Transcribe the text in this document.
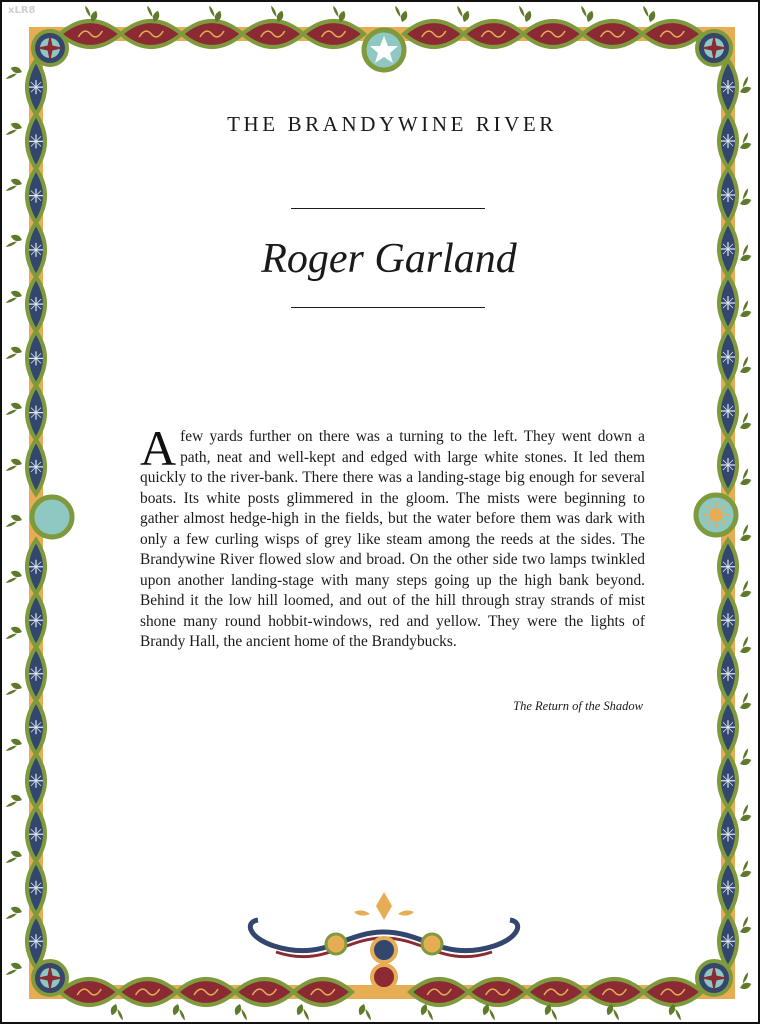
xLR8
THE BRANDYWINE RIVER
Roger Garland
A few yards further on there was a turning to the left. They went down a path, neat and well-kept and edged with large white stones. It led them quickly to the river-bank. There there was a landing-stage big enough for several boats. Its white posts glimmered in the gloom. The mists were beginning to gather almost hedge-high in the fields, but the water before them was dark with only a few curling wisps of grey like steam among the reeds at the sides. The Brandywine River flowed slow and broad. On the other side two lamps twinkled upon another landing-stage with many steps going up the high bank beyond. Behind it the low hill loomed, and out of the hill through stray strands of mist shone many round hobbit-windows, red and yellow. They were the lights of Brandy Hall, the ancient home of the Brandybucks.
The Return of the Shadow
